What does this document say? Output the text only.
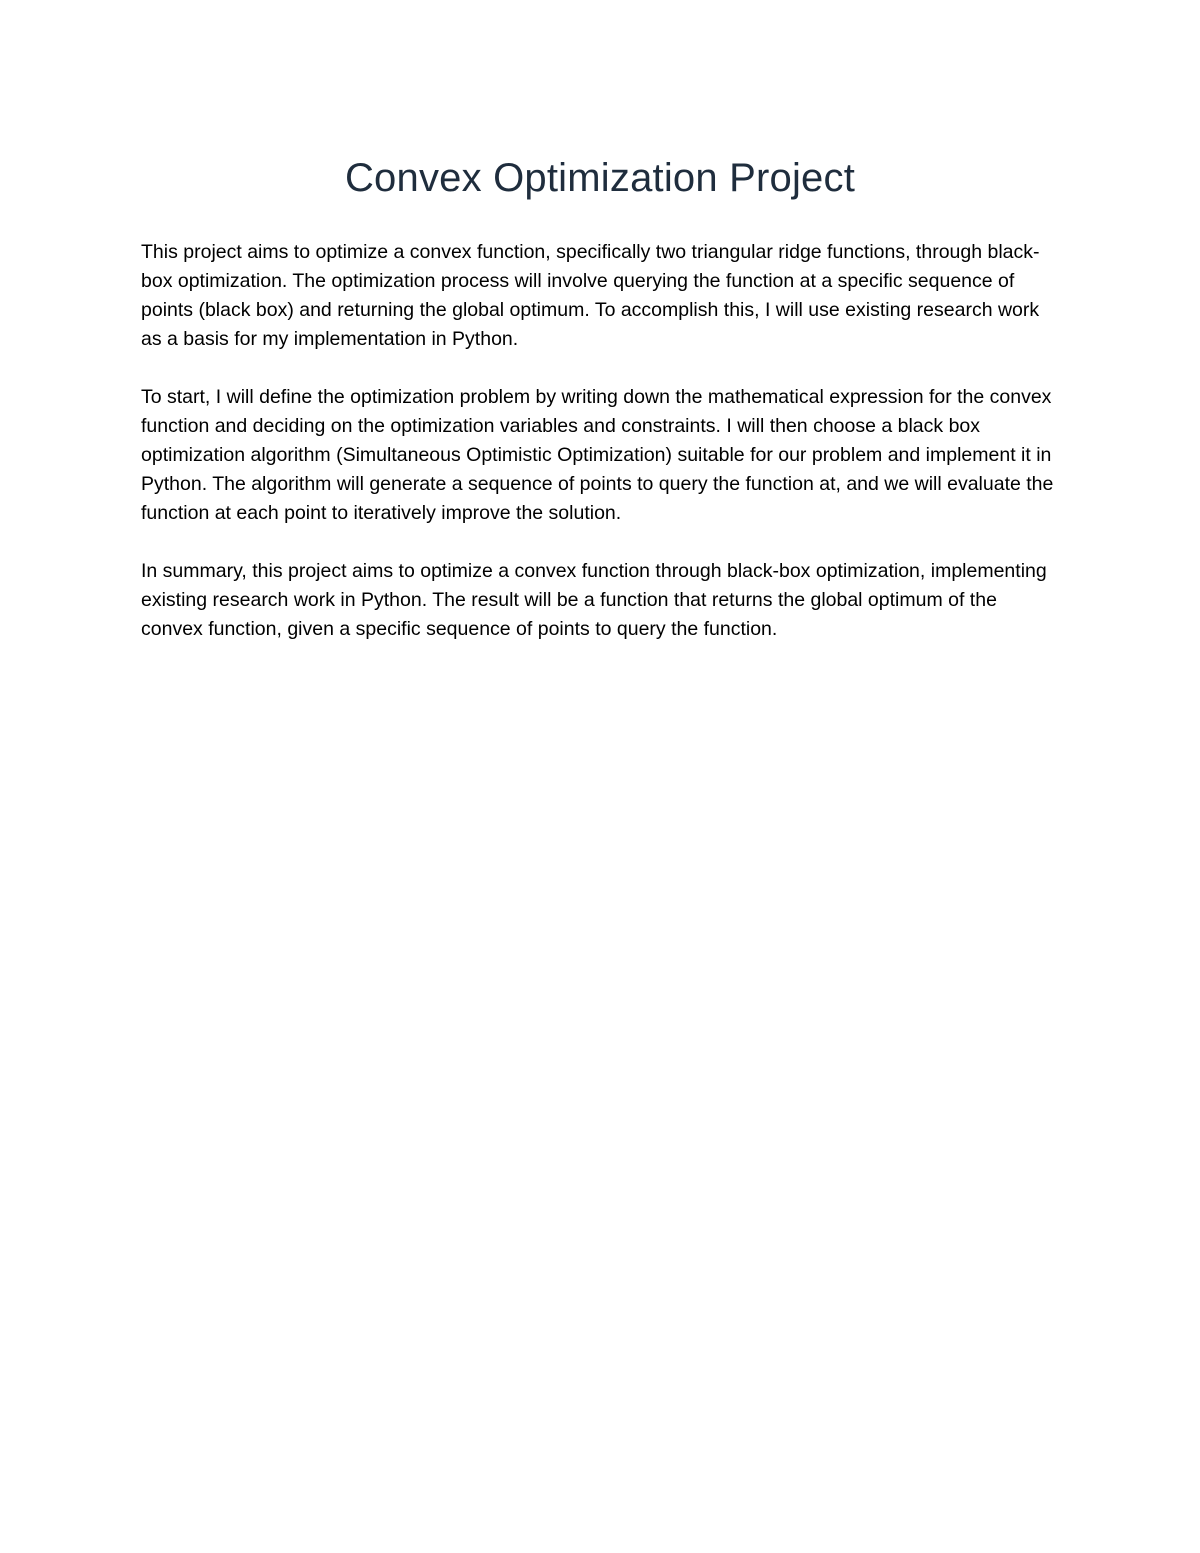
Convex Optimization Project

This project aims to optimize a convex function, specifically two triangular ridge functions, through black-box optimization. The optimization process will involve querying the function at a specific sequence of points (black box) and returning the global optimum. To accomplish this, I will use existing research work as a basis for my implementation in Python.

To start, I will define the optimization problem by writing down the mathematical expression for the convex function and deciding on the optimization variables and constraints. I will then choose a black box optimization algorithm (Simultaneous Optimistic Optimization) suitable for our problem and implement it in Python. The algorithm will generate a sequence of points to query the function at, and we will evaluate the function at each point to iteratively improve the solution.

In summary, this project aims to optimize a convex function through black-box optimization, implementing existing research work in Python. The result will be a function that returns the global optimum of the convex function, given a specific sequence of points to query the function.
